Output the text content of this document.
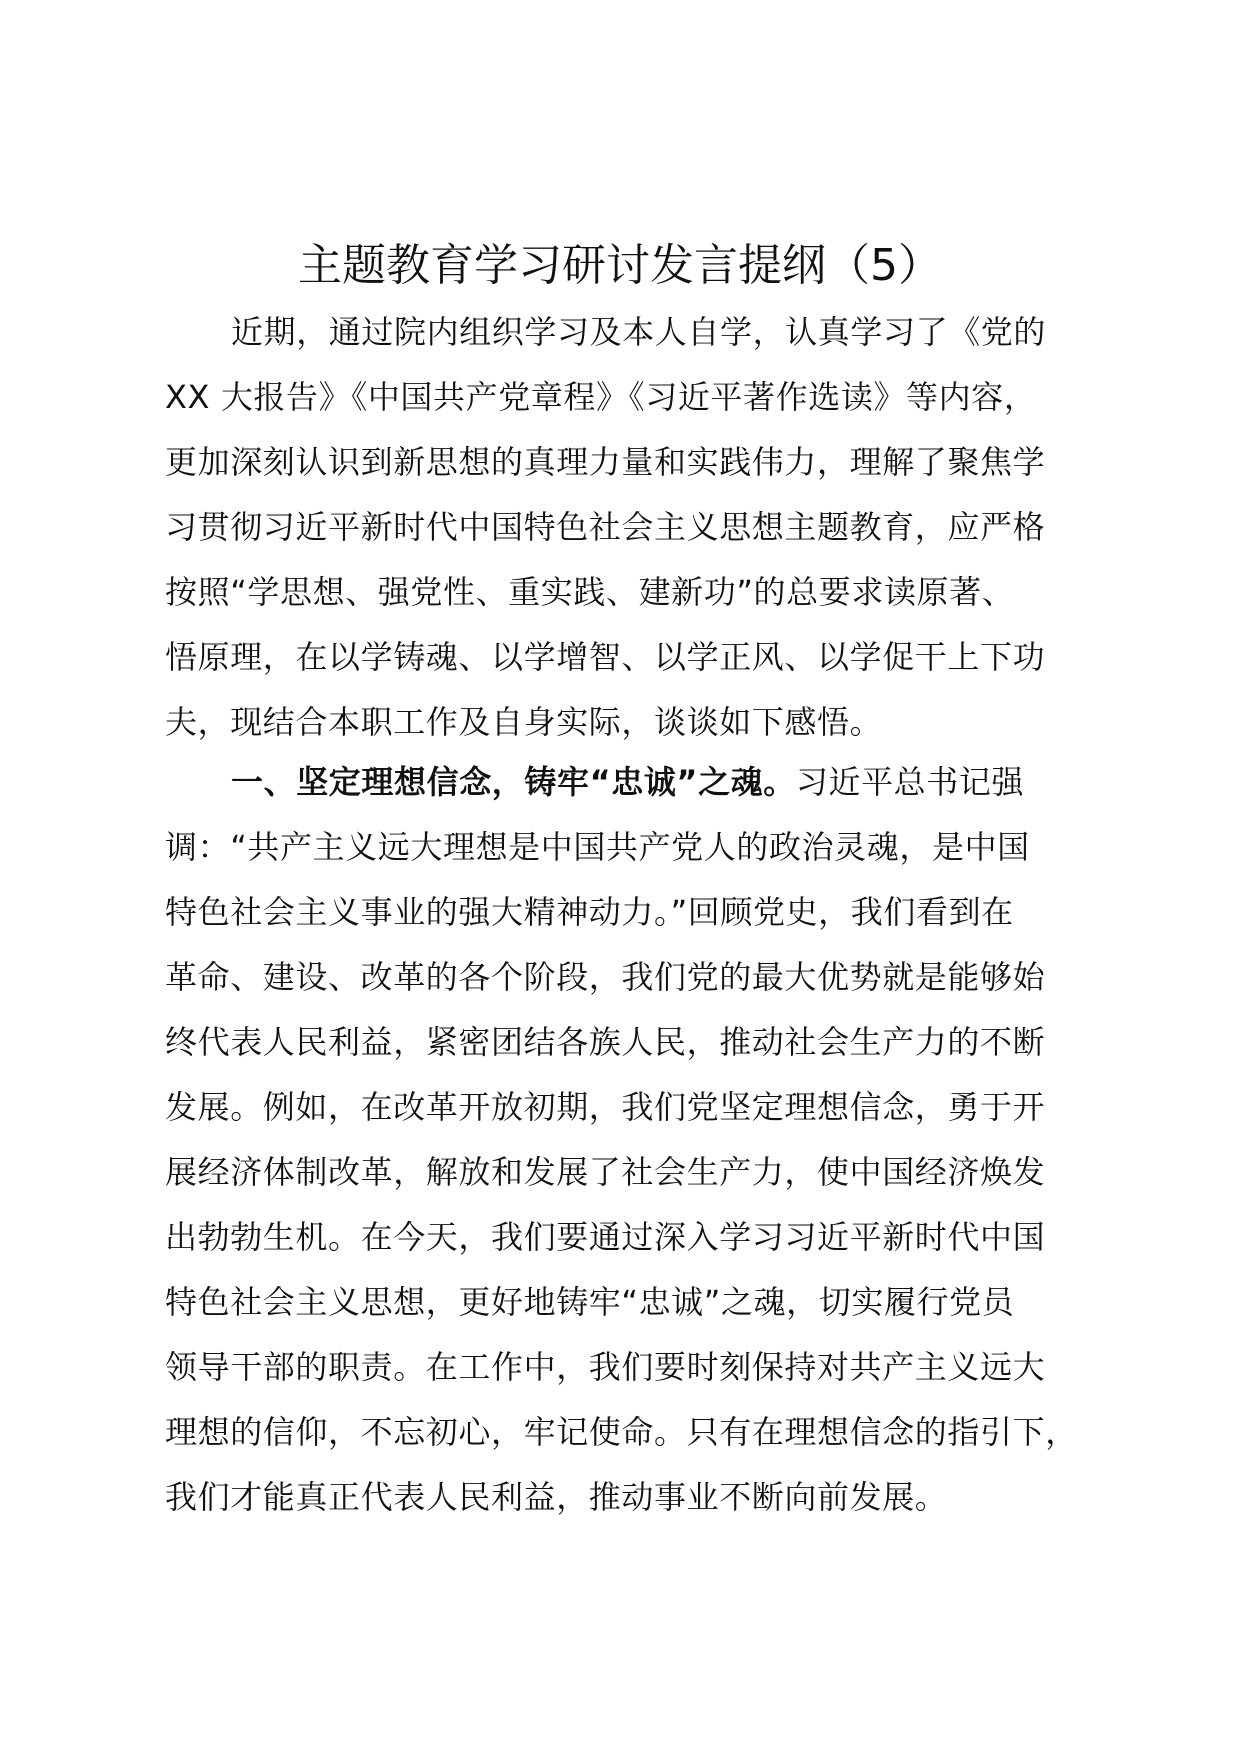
主题教育学习研讨发言提纲（5）
近期，通过院内组织学习及本人自学，认真学习了《党的
XX 大报告》《中国共产党章程》《习近平著作选读》等内容，
更加深刻认识到新思想的真理力量和实践伟力，理解了聚焦学
习贯彻习近平新时代中国特色社会主义思想主题教育，应严格
按照“学思想、强党性、重实践、建新功”的总要求读原著、
悟原理，在以学铸魂、以学增智、以学正风、以学促干上下功
夫，现结合本职工作及自身实际，谈谈如下感悟。
一、坚定理想信念，铸牢“忠诚”之魂。习近平总书记强
调：“共产主义远大理想是中国共产党人的政治灵魂，是中国
特色社会主义事业的强大精神动力。”回顾党史，我们看到在
革命、建设、改革的各个阶段，我们党的最大优势就是能够始
终代表人民利益，紧密团结各族人民，推动社会生产力的不断
发展。例如，在改革开放初期，我们党坚定理想信念，勇于开
展经济体制改革，解放和发展了社会生产力，使中国经济焕发
出勃勃生机。在今天，我们要通过深入学习习近平新时代中国
特色社会主义思想，更好地铸牢“忠诚”之魂，切实履行党员
领导干部的职责。在工作中，我们要时刻保持对共产主义远大
理想的信仰，不忘初心，牢记使命。只有在理想信念的指引下，
我们才能真正代表人民利益，推动事业不断向前发展。
